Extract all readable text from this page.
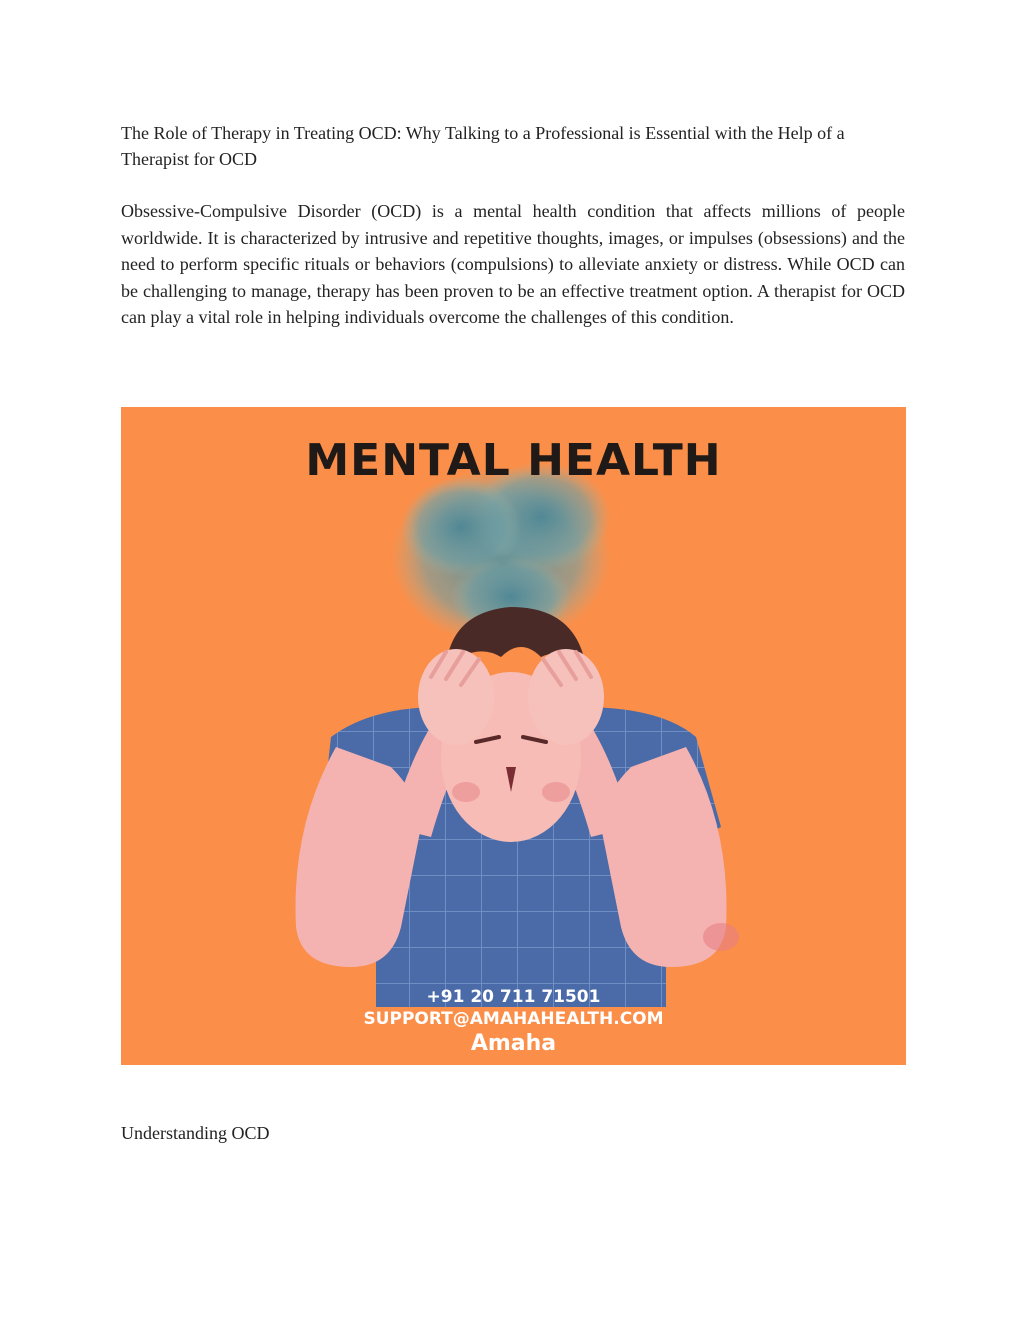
The Role of Therapy in Treating OCD: Why Talking to a Professional is Essential with the Help of a Therapist for OCD

Obsessive-Compulsive Disorder (OCD) is a mental health condition that affects millions of people worldwide. It is characterized by intrusive and repetitive thoughts, images, or impulses (obsessions) and the need to perform specific rituals or behaviors (compulsions) to alleviate anxiety or distress. While OCD can be challenging to manage, therapy has been proven to be an effective treatment option. A therapist for OCD can play a vital role in helping individuals overcome the challenges of this condition.

MENTAL HEALTH

+91 20 711 71501

SUPPORT@AMAHAHEALTH.COM

Amaha

Understanding OCD
